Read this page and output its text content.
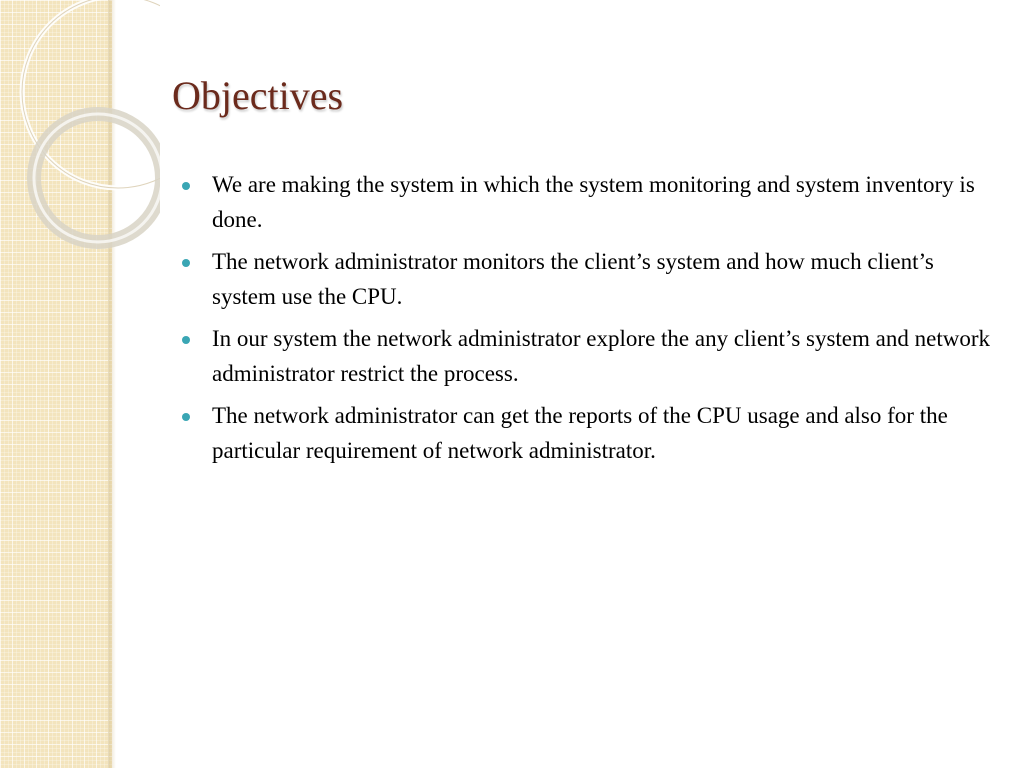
Objectives
We are making the system in which the system monitoring and system inventory is done.
The network administrator monitors the client’s system and how much client’s system use the CPU.
In our system the network administrator explore the any client’s system and network administrator restrict the process.
The network administrator can get the reports of the CPU usage and also for the particular requirement of network administrator.
